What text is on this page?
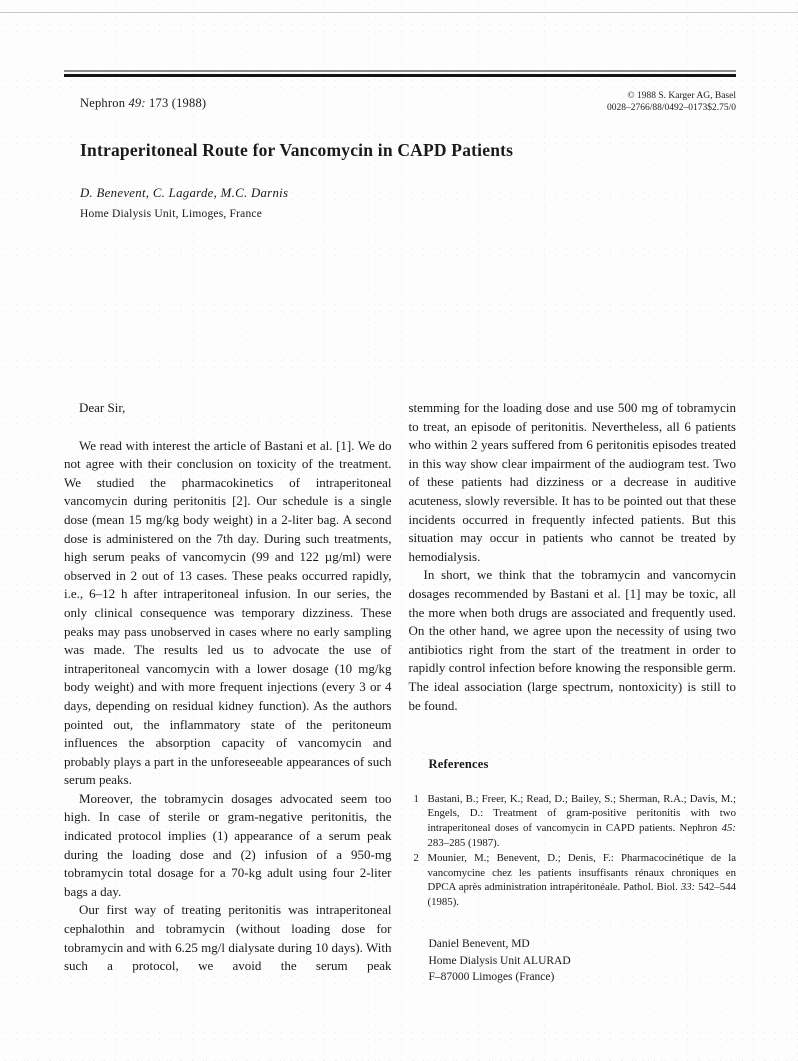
Nephron 49: 173 (1988)	© 1988 S. Karger AG, Basel
0028–2766/88/0492–0173$2.75/0
Intraperitoneal Route for Vancomycin in CAPD Patients
D. Benevent, C. Lagarde, M.C. Darnis
Home Dialysis Unit, Limoges, France

Dear Sir,

We read with interest the article of Bastani et al. [1]. We do not agree with their conclusion on toxicity of the treatment. We studied the pharmacokinetics of intraperitoneal vancomycin during peritonitis [2]. Our schedule is a single dose (mean 15 mg/kg body weight) in a 2-liter bag. A second dose is administered on the 7th day. During such treatments, high serum peaks of vancomycin (99 and 122 µg/ml) were observed in 2 out of 13 cases. These peaks occurred rapidly, i.e., 6–12 h after intraperitoneal infusion. In our series, the only clinical consequence was temporary dizziness. These peaks may pass unobserved in cases where no early sampling was made. The results led us to advocate the use of intraperitoneal vancomycin with a lower dosage (10 mg/kg body weight) and with more frequent injections (every 3 or 4 days, depending on residual kidney function). As the authors pointed out, the inflammatory state of the peritoneum influences the absorption capacity of vancomycin and probably plays a part in the unforeseeable appearances of such serum peaks.

Moreover, the tobramycin dosages advocated seem too high. In case of sterile or gram-negative peritonitis, the indicated protocol implies (1) appearance of a serum peak during the loading dose and (2) infusion of a 950-mg tobramycin total dosage for a 70-kg adult using four 2-liter bags a day.

Our first way of treating peritonitis was intraperitoneal cephalothin and tobramycin (without loading dose for tobramycin and with 6.25 mg/l dialysate during 10 days). With such a protocol, we avoid the serum peak

stemming for the loading dose and use 500 mg of tobramycin to treat, an episode of peritonitis. Nevertheless, all 6 patients who within 2 years suffered from 6 peritonitis episodes treated in this way show clear impairment of the audiogram test. Two of these patients had dizziness or a decrease in auditive acuteness, slowly reversible. It has to be pointed out that these incidents occurred in frequently infected patients. But this situation may occur in patients who cannot be treated by hemodialysis.

In short, we think that the tobramycin and vancomycin dosages recommended by Bastani et al. [1] may be toxic, all the more when both drugs are associated and frequently used. On the other hand, we agree upon the necessity of using two antibiotics right from the start of the treatment in order to rapidly control infection before knowing the responsible germ. The ideal association (large spectrum, nontoxicity) is still to be found.

References
1 Bastani, B.; Freer, K.; Read, D.; Bailey, S.; Sherman, R.A.; Davis, M.; Engels, D.: Treatment of gram-positive peritonitis with two intraperitoneal doses of vancomycin in CAPD patients. Nephron 45: 283–285 (1987).
2 Mounier, M.; Benevent, D.; Denis, F.: Pharmacocinétique de la vancomycine chez les patients insuffisants rénaux chroniques en DPCA après administration intrapéritonéale. Pathol. Biol. 33: 542–544 (1985).
Daniel Benevent, MD
Home Dialysis Unit ALURAD
F–87000 Limoges (France)
